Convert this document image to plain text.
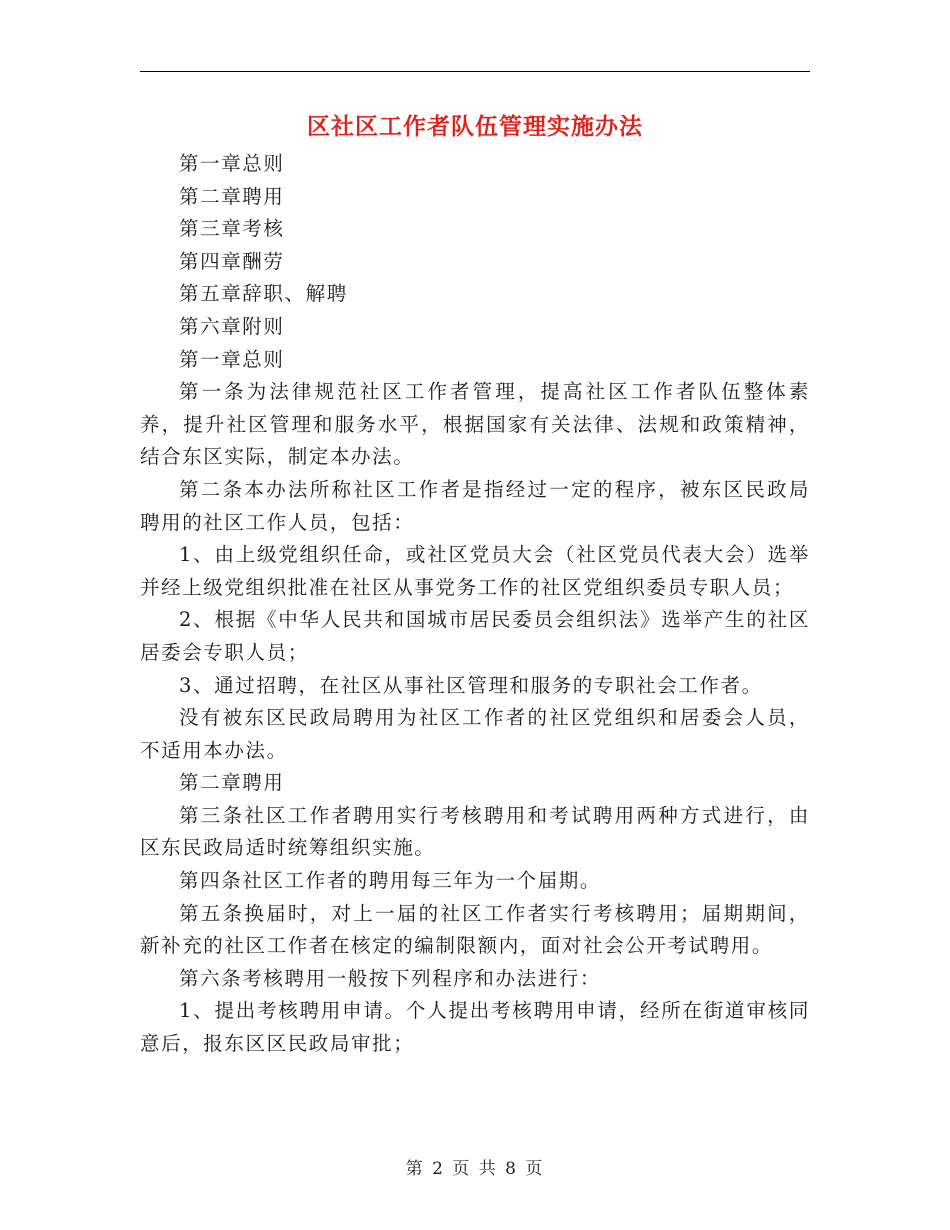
区社区工作者队伍管理实施办法

第一章总则

第二章聘用

第三章考核

第四章酬劳

第五章辞职、解聘

第六章附则

第一章总则

第一条为法律规范社区工作者管理，提高社区工作者队伍整体素养，提升社区管理和服务水平，根据国家有关法律、法规和政策精神，结合东区实际，制定本办法。

第二条本办法所称社区工作者是指经过一定的程序，被东区民政局聘用的社区工作人员，包括：

1、由上级党组织任命，或社区党员大会（社区党员代表大会）选举并经上级党组织批准在社区从事党务工作的社区党组织委员专职人员；

2、根据《中华人民共和国城市居民委员会组织法》选举产生的社区居委会专职人员；

3、通过招聘，在社区从事社区管理和服务的专职社会工作者。

没有被东区民政局聘用为社区工作者的社区党组织和居委会人员，不适用本办法。

第二章聘用

第三条社区工作者聘用实行考核聘用和考试聘用两种方式进行，由区东民政局适时统筹组织实施。

第四条社区工作者的聘用每三年为一个届期。

第五条换届时，对上一届的社区工作者实行考核聘用；届期期间，新补充的社区工作者在核定的编制限额内，面对社会公开考试聘用。

第六条考核聘用一般按下列程序和办法进行：

1、提出考核聘用申请。个人提出考核聘用申请，经所在街道审核同意后，报东区区民政局审批；

第 2 页 共 8 页
